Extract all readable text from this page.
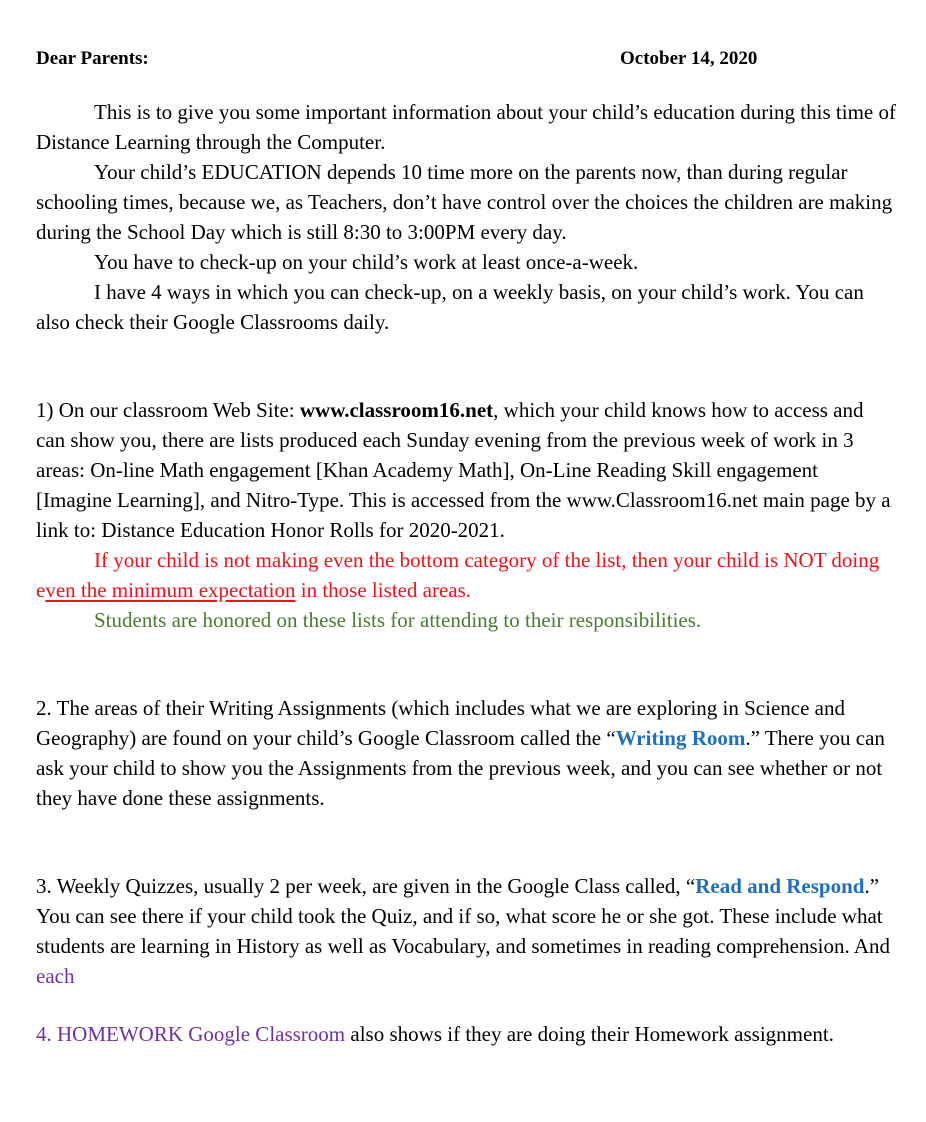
Dear Parents:	October 14, 2020

This is to give you some important information about your child’s education during this time of Distance Learning through the Computer.

Your child’s EDUCATION depends 10 time more on the parents now, than during regular schooling times, because we, as Teachers, don’t have control over the choices the children are making during the School Day which is still 8:30 to 3:00PM every day.

You have to check-up on your child’s work at least once-a-week.

I have 4 ways in which you can check-up, on a weekly basis, on your child’s work. You can also check their Google Classrooms daily.

1) On our classroom Web Site: www.classroom16.net, which your child knows how to access and can show you, there are lists produced each Sunday evening from the previous week of work in 3 areas: On-line Math engagement [Khan Academy Math], On-Line Reading Skill engagement [Imagine Learning], and Nitro-Type. This is accessed from the www.Classroom16.net main page by a link to: Distance Education Honor Rolls for 2020-2021.

If your child is not making even the bottom category of the list, then your child is NOT doing even the minimum expectation in those listed areas.

Students are honored on these lists for attending to their responsibilities.

2. The areas of their Writing Assignments (which includes what we are exploring in Science and Geography) are found on your child’s Google Classroom called the “Writing Room.” There you can ask your child to show you the Assignments from the previous week, and you can see whether or not they have done these assignments.

3. Weekly Quizzes, usually 2 per week, are given in the Google Class called, “Read and Respond.” You can see there if your child took the Quiz, and if so, what score he or she got. These include what students are learning in History as well as Vocabulary, and sometimes in reading comprehension. And each

4. HOMEWORK Google Classroom also shows if they are doing their Homework assignment.
